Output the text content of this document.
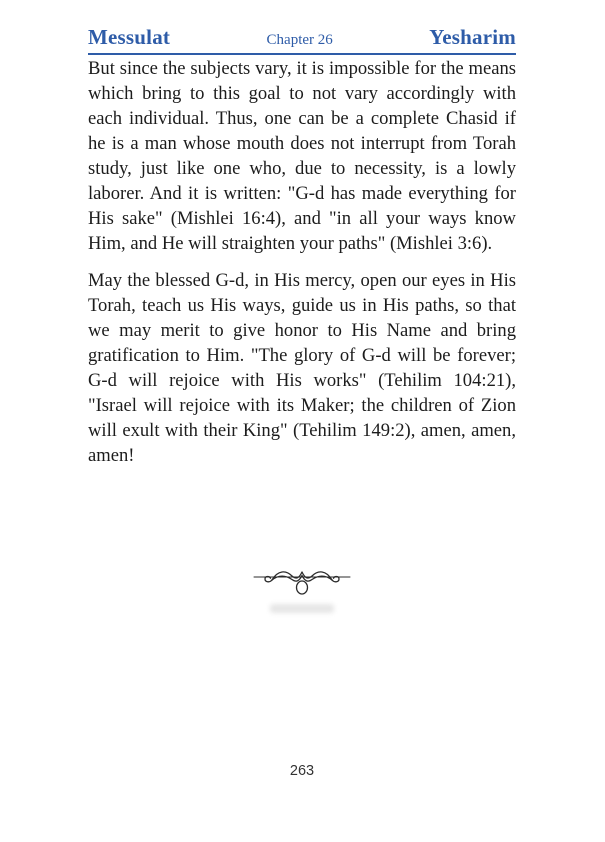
Messulat	Chapter 26	Yesharim

But since the subjects vary, it is impossible for the means which bring to this goal to not vary accordingly with each individual. Thus, one can be a complete Chasid if he is a man whose mouth does not interrupt from Torah study, just like one who, due to necessity, is a lowly laborer. And it is written: "G-d has made everything for His sake" (Mishlei 16:4), and "in all your ways know Him, and He will straighten your paths" (Mishlei 3:6).

May the blessed G-d, in His mercy, open our eyes in His Torah, teach us His ways, guide us in His paths, so that we may merit to give honor to His Name and bring gratification to Him. "The glory of G-d will be forever; G-d will rejoice with His works" (Tehilim 104:21), "Israel will rejoice with its Maker; the children of Zion will exult with their King" (Tehilim 149:2), amen, amen, amen!

263
